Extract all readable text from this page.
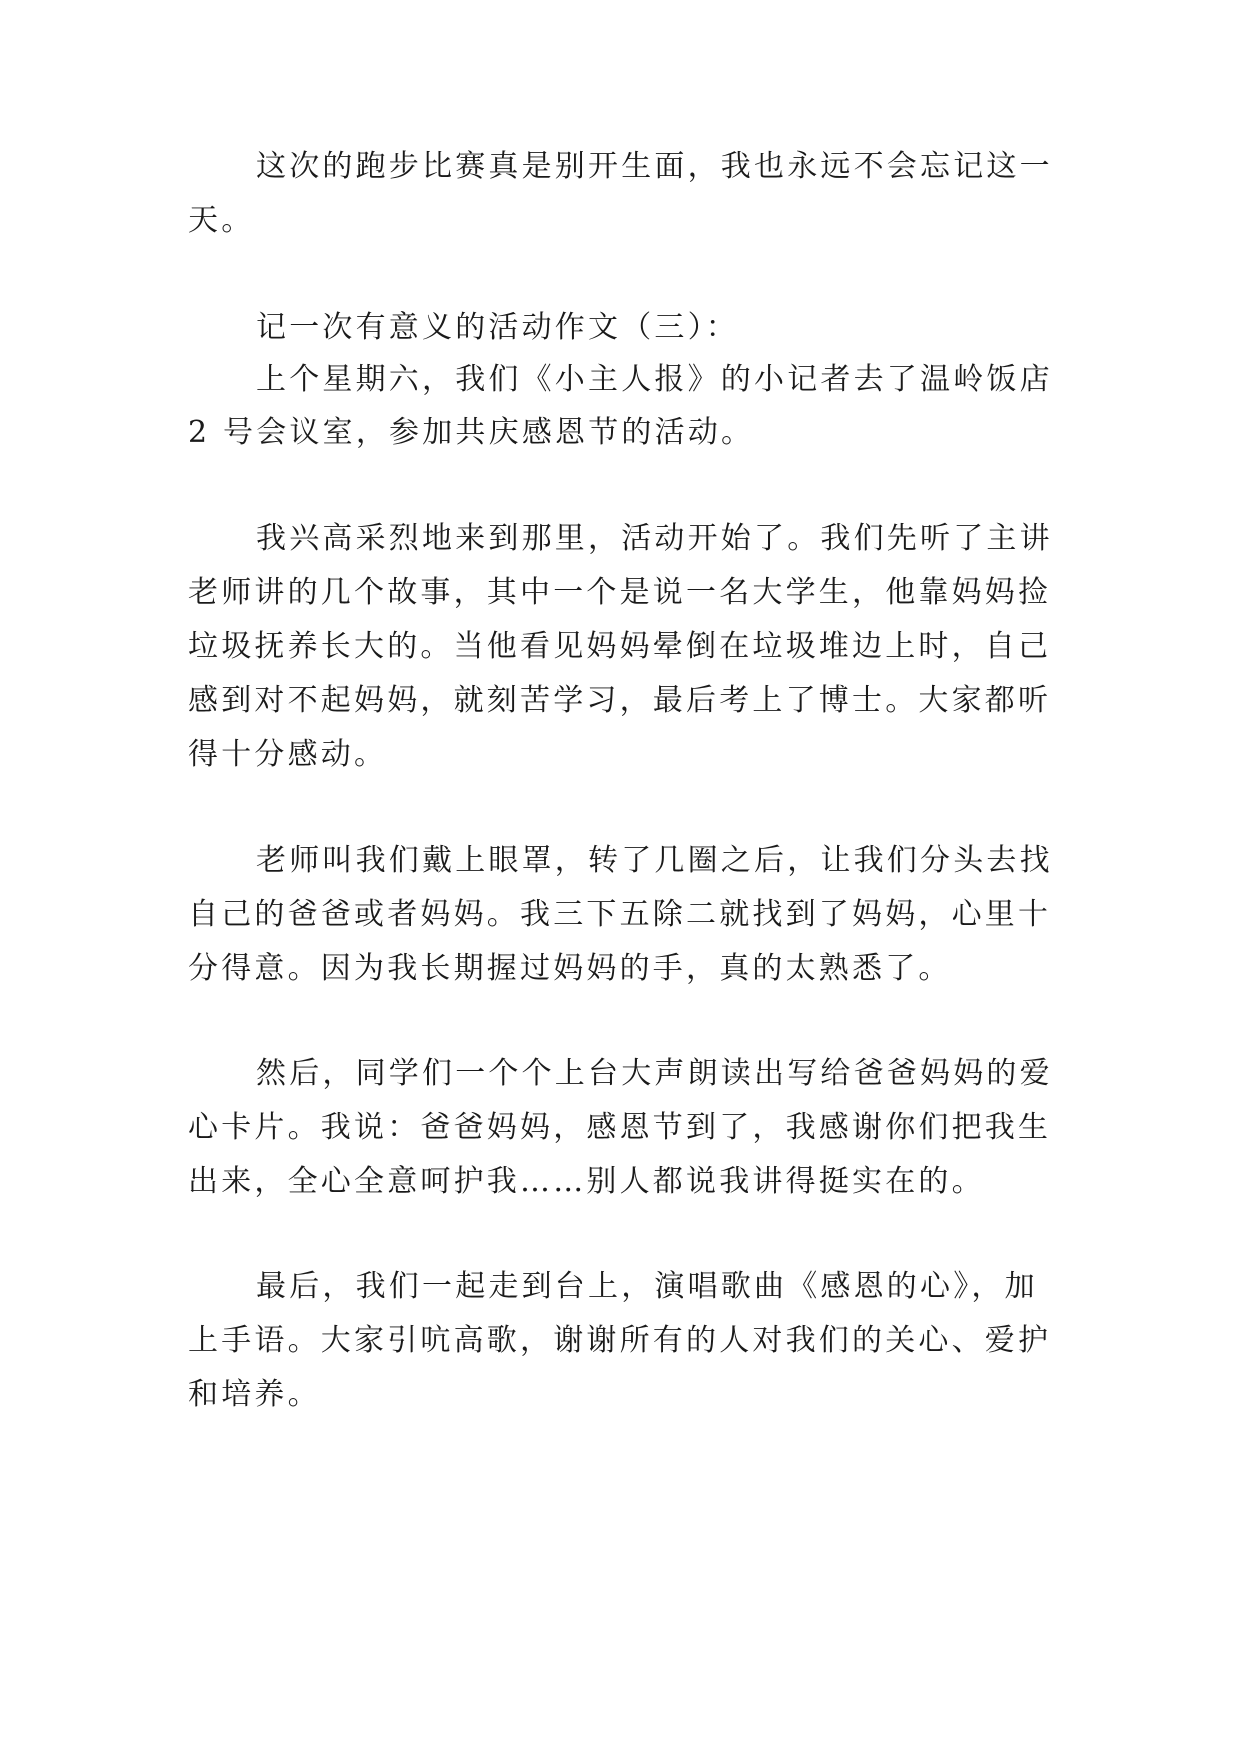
这次的跑步比赛真是别开生面，我也永远不会忘记这一
天。
记一次有意义的活动作文（三）：
上个星期六，我们《小主人报》的小记者去了温岭饭店
2 号会议室，参加共庆感恩节的活动。
我兴高采烈地来到那里，活动开始了。我们先听了主讲
老师讲的几个故事，其中一个是说一名大学生，他靠妈妈捡
垃圾抚养长大的。当他看见妈妈晕倒在垃圾堆边上时，自己
感到对不起妈妈，就刻苦学习，最后考上了博士。大家都听
得十分感动。
老师叫我们戴上眼罩，转了几圈之后，让我们分头去找
自己的爸爸或者妈妈。我三下五除二就找到了妈妈，心里十
分得意。因为我长期握过妈妈的手，真的太熟悉了。
然后，同学们一个个上台大声朗读出写给爸爸妈妈的爱
心卡片。我说：爸爸妈妈，感恩节到了，我感谢你们把我生
出来，全心全意呵护我……别人都说我讲得挺实在的。
最后，我们一起走到台上，演唱歌曲《感恩的心》，加
上手语。大家引吭高歌，谢谢所有的人对我们的关心、爱护
和培养。
